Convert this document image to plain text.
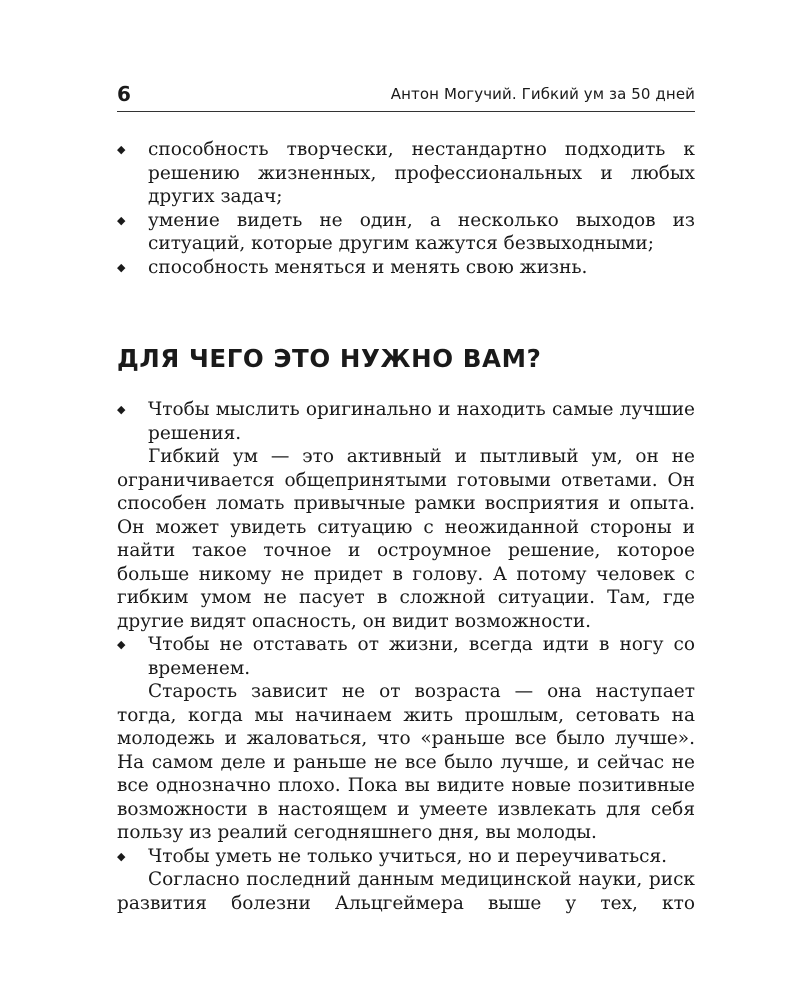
6	Антон Могучий. Гибкий ум за 50 дней
◆ способность творчески, нестандартно подходить к решению жизненных, профессиональных и любых других задач;
◆ умение видеть не один, а несколько выходов из ситуаций, которые другим кажутся безвыходными;
◆ способность меняться и менять свою жизнь.
ДЛЯ ЧЕГО ЭТО НУЖНО ВАМ?
◆ Чтобы мыслить оригинально и находить самые лучшие решения.
Гибкий ум — это активный и пытливый ум, он не ограничивается общепринятыми готовыми ответами. Он способен ломать привычные рамки восприятия и опыта. Он может увидеть ситуацию с неожиданной стороны и найти такое точное и остроумное решение, которое больше никому не придет в голову. А потому человек с гибким умом не пасует в сложной ситуации. Там, где другие видят опасность, он видит возможности.
◆ Чтобы не отставать от жизни, всегда идти в ногу со временем.
Старость зависит не от возраста — она наступает тогда, когда мы начинаем жить прошлым, сетовать на молодежь и жаловаться, что «раньше все было лучше». На самом деле и раньше не все было лучше, и сейчас не все однозначно плохо. Пока вы видите новые позитивные возможности в настоящем и умеете извлекать для себя пользу из реалий сегодняшнего дня, вы молоды.
◆ Чтобы уметь не только учиться, но и переучиваться.
Согласно последний данным медицинской науки, риск развития болезни Альцгеймера выше у тех, кто
